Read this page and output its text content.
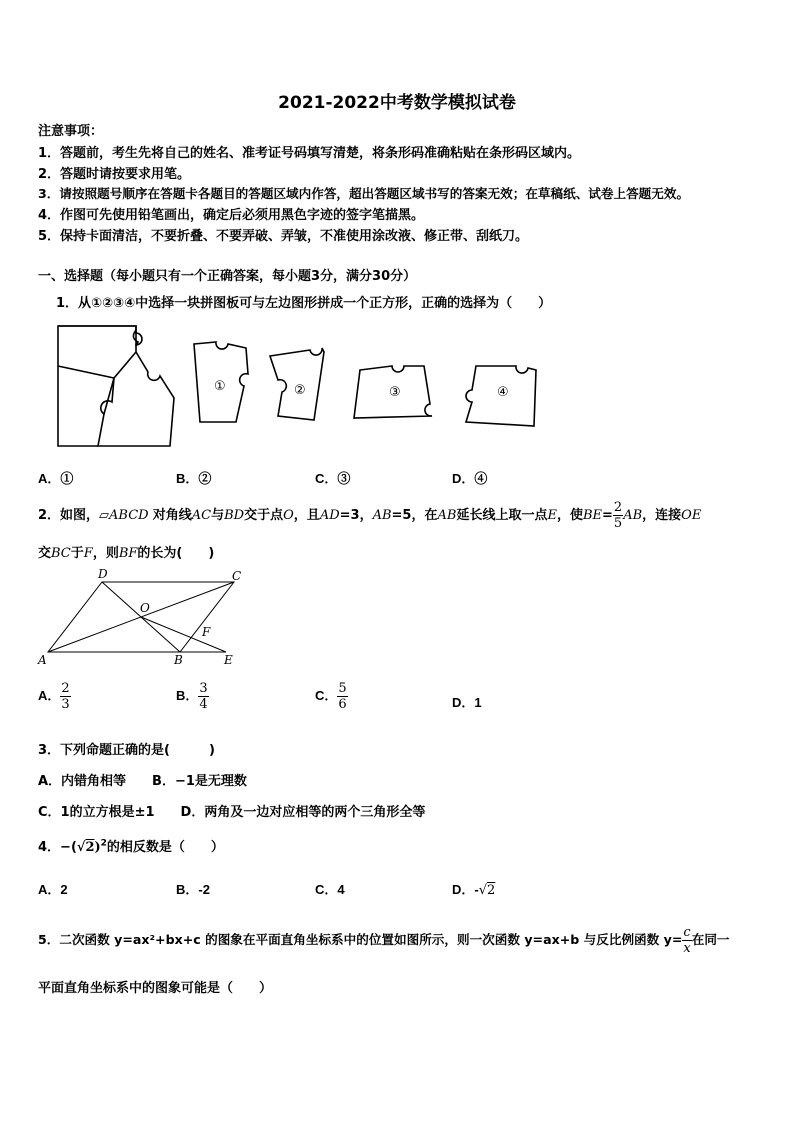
2021-2022中考数学模拟试卷
注意事项：
1．答题前，考生先将自己的姓名、准考证号码填写清楚，将条形码准确粘贴在条形码区域内。
2．答题时请按要求用笔。
3．请按照题号顺序在答题卡各题目的答题区域内作答，超出答题区域书写的答案无效；在草稿纸、试卷上答题无效。
4．作图可先使用铅笔画出，确定后必须用黑色字迹的签字笔描黑。
5．保持卡面清洁，不要折叠、不要弄破、弄皱，不准使用涂改液、修正带、刮纸刀。
一、选择题（每小题只有一个正确答案，每小题3分，满分30分）
1．从①②③④中选择一块拼图板可与左边图形拼成一个正方形，正确的选择为（　　）
①	②	③	④
A．①	B．②	C．③	D．④
2．如图，▱ABCD 对角线AC与BD交于点O，且AD=3，AB=5，在AB延长线上取一点E，使$BE= \frac{2}{5}$ AB，连接OE
交BC于F，则BF的长为(　　)
A	B
C
D
E
F
O
A． $\frac{2}{3}$	B． $\frac{3}{4}$	C． $\frac{5}{6}$	D．1
3．下列命题正确的是(　　　)
A．内错角相等　　B．−1是无理数
C．1的立方根是±1　　D．两角及一边对应相等的两个三角形全等
4．$-(√2)^2$的相反数是（　　）
A．2	B．-2	C．4	D．-√2
5．二次函数 y=ax²+bx+c 的图象在平面直角坐标系中的位置如图所示，则一次函数 y=ax+b 与反比例函数 $y= \frac{c}{x}$ 在同一
平面直角坐标系中的图象可能是（　　）
